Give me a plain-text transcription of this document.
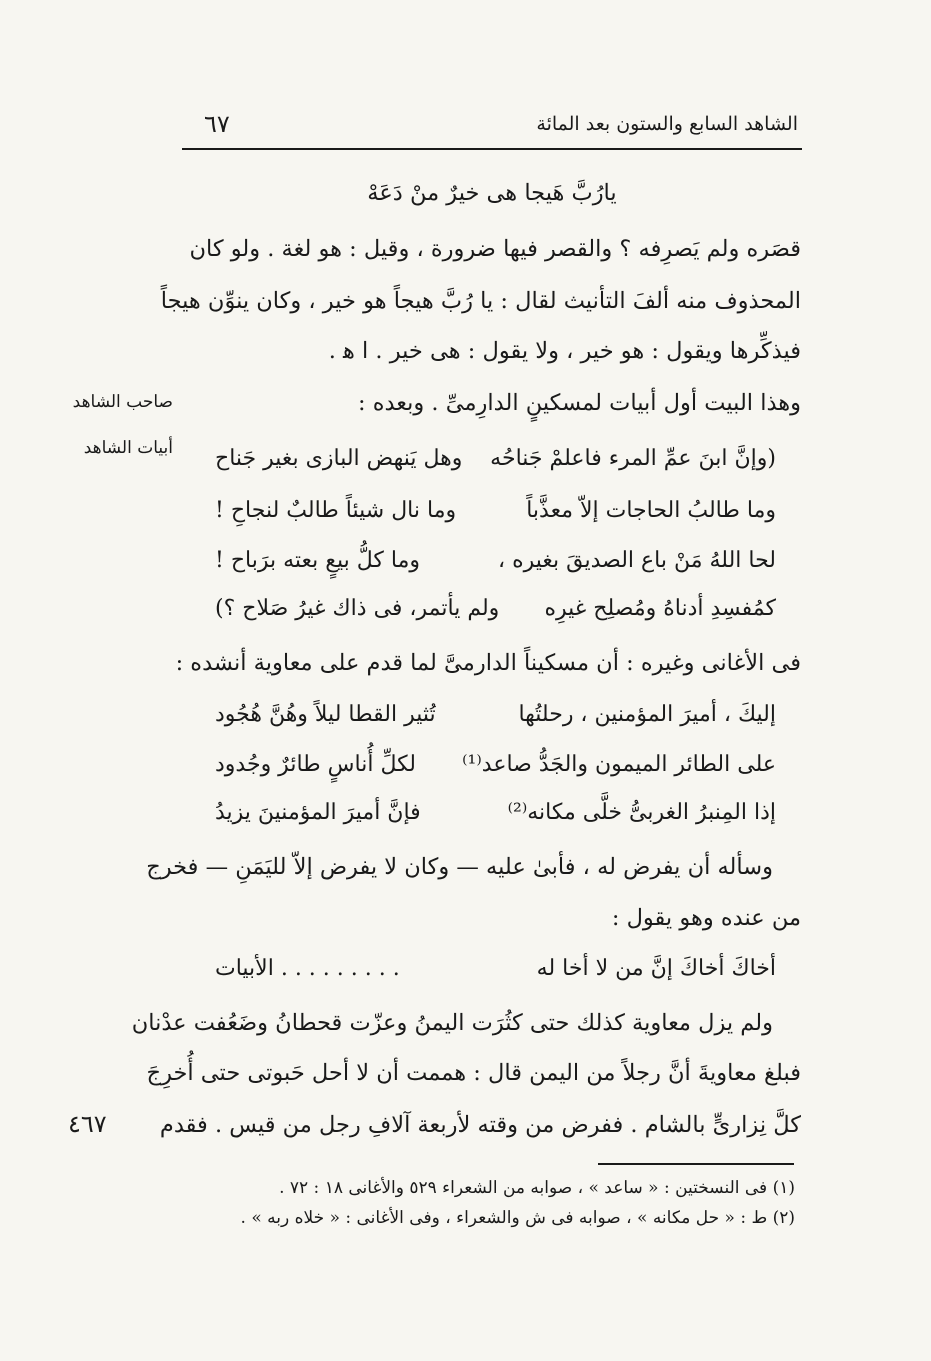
الشاهد السابع والستون بعد المائة
٦٧
يارُبَّ هَيجا هى خيرٌ منْ دَعَهْ
قصَره ولم يَصرِفه ؟ والقصر فيها ضرورة ، وقيل : هو لغة . ولو كان
المحذوف منه ألفَ التأنيث لقال : يا رُبَّ هيجاً هو خير ، وكان ينوِّن هيجاً
فيذكِّرها ويقول : هو خير ، ولا يقول : هى خير . ا ﻫ .
وهذا البيت أول أبيات لمسكينٍ الدارِمىِّ . وبعده :
صاحب الشاهد
أبيات الشاهد	(وإنَّ ابنَ عمِّ المرء فاعلمْ جَناحُه
وهل يَنهض البازى بغير جَناح
وما طالبُ الحاجات إلاّ معذَّباً
وما نال شيئاً طالبٌ لنجاحِ !
لحا اللهُ مَنْ باع الصديقَ بغيره ،
وما كلُّ بيعٍ بعته برَباح !
كمُفسِدِ أدناهُ ومُصلِح غيرِه
ولم يأتمر، فى ذاك غيرُ صَلاح ؟)
فى الأغانى وغيره : أن مسكيناً الدارمىَّ لما قدم على معاوية أنشده :
إليكَ ، أميرَ المؤمنين ، رحلتُها
تُثير القطا ليلاً وهُنَّ هُجُود
على الطائر الميمون والجَدُّ صاعد⁽¹⁾
لكلِّ أُناسٍ طائرٌ وجُدود
إذا المِنبرُ الغربىُّ خلَّى مكانه⁽²⁾
فإنَّ أميرَ المؤمنينَ يزيدُ
وسأله أن يفرض له ، فأبىٰ عليه — وكان لا يفرض إلاّ لليَمَنِ — فخرج
من عنده وهو يقول :
أخاكَ أخاكَ إنَّ من لا أخا له
. . . . . . . . . الأبيات
ولم يزل معاوية كذلك حتى كثُرَت اليمنُ وعزّت قحطانُ وضَعُفت عدْنان
فبلغ معاويةَ أنَّ رجلاً من اليمن قال : هممت أن لا أحل حَبوتى حتى أُخرِجَ
كلَّ نِزارىٍّ بالشام . ففرض من وقته لأربعة آلافِ رجل من قيس . فقدم
٤٦٧
(١) فى النسختين : « ساعد » ، صوابه من الشعراء ٥٢٩ والأغانى ١٨ : ٧٢ .
(٢) ط : « حل مكانه » ، صوابه فى ش والشعراء ، وفى الأغانى : « خلاه ربه » .
